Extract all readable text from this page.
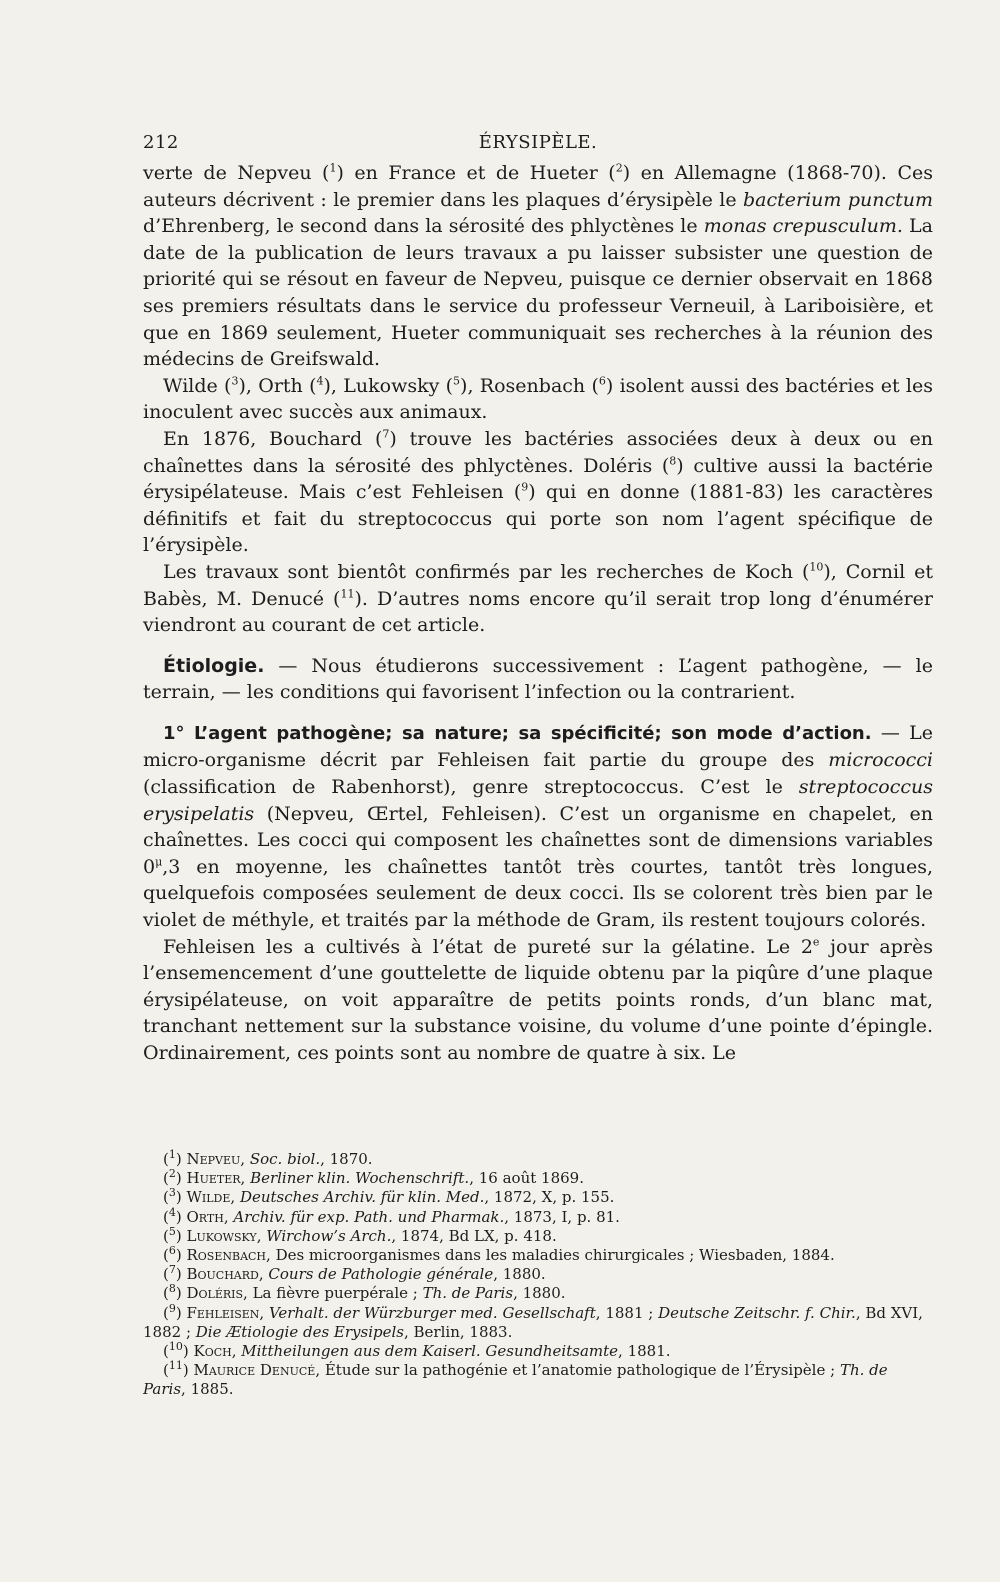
212	ÉRYSIPÈLE.

verte de Nepveu ($^1$) en France et de Hueter ($^2$) en Allemagne (1868-70). Ces auteurs décrivent : le premier dans les plaques d’érysipèle le bacterium punctum d’Ehrenberg, le second dans la sérosité des phlyctènes le monas crepusculum. La date de la publication de leurs travaux a pu laisser subsister une question de priorité qui se résout en faveur de Nepveu, puisque ce dernier observait en 1868 ses premiers résultats dans le service du professeur Verneuil, à Lariboisière, et que en 1869 seulement, Hueter communiquait ses recherches à la réunion des médecins de Greifswald.

Wilde ($^3$), Orth ($^4$), Lukowsky ($^5$), Rosenbach ($^6$) isolent aussi des bactéries et les inoculent avec succès aux animaux.

En 1876, Bouchard ($^7$) trouve les bactéries associées deux à deux ou en chaînettes dans la sérosité des phlyctènes. Doléris ($^8$) cultive aussi la bactérie érysipélateuse. Mais c’est Fehleisen ($^9$) qui en donne (1881-83) les caractères définitifs et fait du streptococcus qui porte son nom l’agent spécifique de l’érysipèle.

Les travaux sont bientôt confirmés par les recherches de Koch ($^{10}$), Cornil et Babès, M. Denucé ($^{11}$). D’autres noms encore qu’il serait trop long d’énumérer viendront au courant de cet article.

Étiologie. — Nous étudierons successivement : L’agent pathogène, — le terrain, — les conditions qui favorisent l’infection ou la contrarient.

1° L’agent pathogène; sa nature; sa spécificité; son mode d’action. — Le micro-organisme décrit par Fehleisen fait partie du groupe des micrococci (classification de Rabenhorst), genre streptococcus. C’est le streptococcus erysipelatis (Nepveu, Œrtel, Fehleisen). C’est un organisme en chapelet, en chaînettes. Les cocci qui composent les chaînettes sont de dimensions variables $0^\mu,3$ en moyenne, les chaînettes tantôt très courtes, tantôt très longues, quelquefois composées seulement de deux cocci. Ils se colorent très bien par le violet de méthyle, et traités par la méthode de Gram, ils restent toujours colorés.

Fehleisen les a cultivés à l’état de pureté sur la gélatine. Le 2e jour après l’ensemencement d’une gouttelette de liquide obtenu par la piqûre d’une plaque érysipélateuse, on voit apparaître de petits points ronds, d’un blanc mat, tranchant nettement sur la substance voisine, du volume d’une pointe d’épingle. Ordinairement, ces points sont au nombre de quatre à six. Le

($^1$) Nepveu, Soc. biol., 1870.

($^2$) Hueter, Berliner klin. Wochenschrift., 16 août 1869.

($^3$) Wilde, Deutsches Archiv. für klin. Med., 1872, X, p. 155.

($^4$) Orth, Archiv. für exp. Path. und Pharmak., 1873, I, p. 81.

($^5$) Lukowsky, Wirchow’s Arch., 1874, Bd LX, p. 418.

($^6$) Rosenbach, Des microorganismes dans les maladies chirurgicales ; Wiesbaden, 1884.

($^7$) Bouchard, Cours de Pathologie générale, 1880.

($^8$) Doléris, La fièvre puerpérale ; Th. de Paris, 1880.

($^9$) Fehleisen, Verhalt. der Würzburger med. Gesellschaft, 1881 ; Deutsche Zeitschr. f. Chir., Bd XVI, 1882 ; Die Ætiologie des Erysipels, Berlin, 1883.

($^{10}$) Koch, Mittheilungen aus dem Kaiserl. Gesundheitsamte, 1881.

($^{11}$) Maurice Denucé, Étude sur la pathogénie et l’anatomie pathologique de l’Érysipèle ; Th. de Paris, 1885.
